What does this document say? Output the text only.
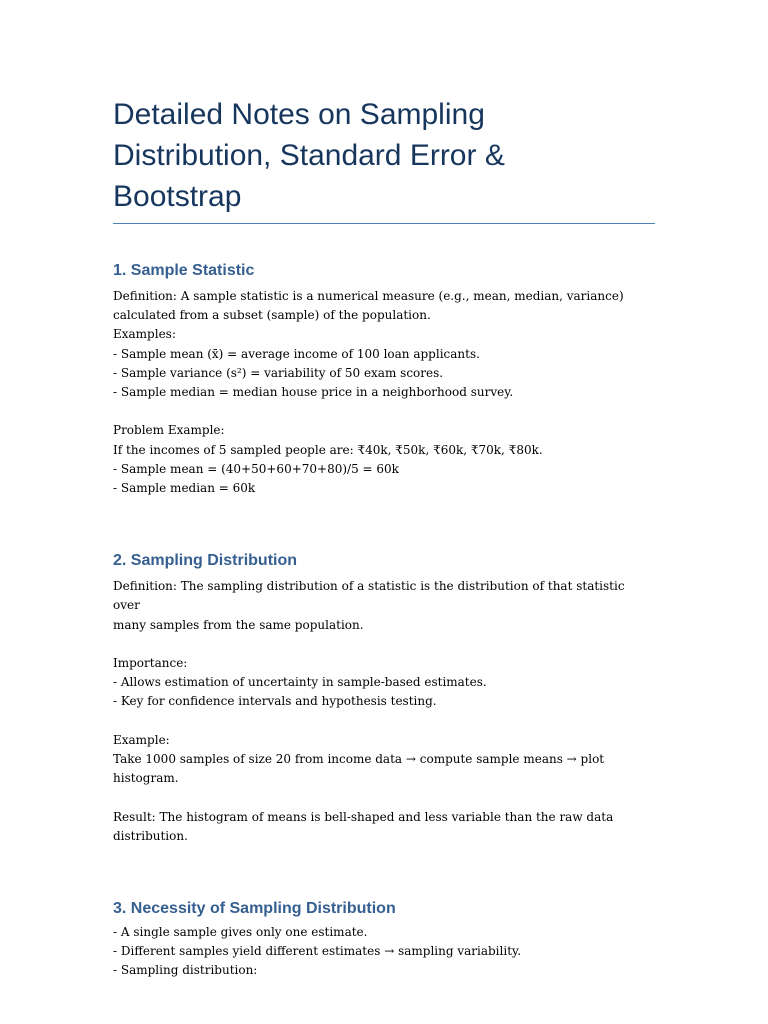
Detailed Notes on Sampling
Distribution, Standard Error &
Bootstrap
1. Sample Statistic

Definition: A sample statistic is a numerical measure (e.g., mean, median, variance)

calculated from a subset (sample) of the population.

Examples:

- Sample mean (x̄) = average income of 100 loan applicants.

- Sample variance (s²) = variability of 50 exam scores.

- Sample median = median house price in a neighborhood survey.

Problem Example:

If the incomes of 5 sampled people are: ₹40k, ₹50k, ₹60k, ₹70k, ₹80k.

- Sample mean = (40+50+60+70+80)/5 = 60k

- Sample median = 60k

2. Sampling Distribution

Definition: The sampling distribution of a statistic is the distribution of that statistic over

many samples from the same population.

Importance:

- Allows estimation of uncertainty in sample-based estimates.

- Key for confidence intervals and hypothesis testing.

Example:

Take 1000 samples of size 20 from income data → compute sample means → plot histogram.

Result: The histogram of means is bell-shaped and less variable than the raw data

distribution.

3. Necessity of Sampling Distribution

- A single sample gives only one estimate.

- Different samples yield different estimates → sampling variability.

- Sampling distribution:
